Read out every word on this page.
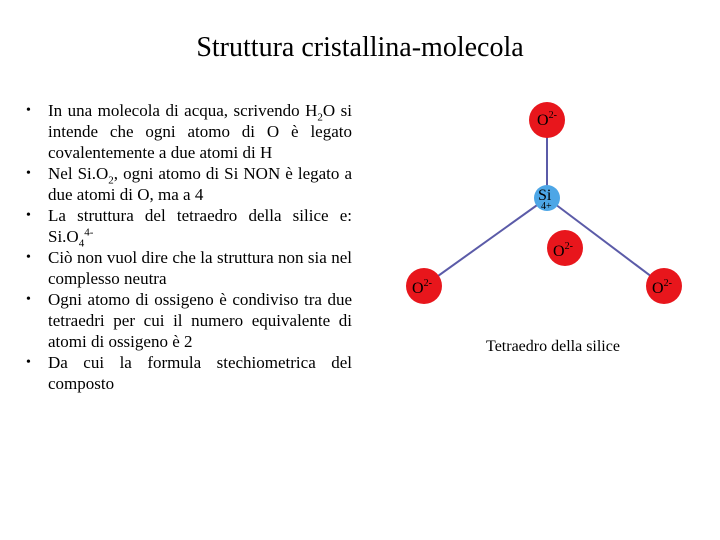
Struttura cristallina-molecola
• In una molecola di acqua, scrivendo $H_2O$ si intende che ogni atomo di O è legato covalentemente a due atomi di H
• Nel $Si.O_2$, ogni atomo di Si NON è legato a due atomi di O, ma a 4
• La struttura del tetraedro della silice e: $Si.O_4^{4-}$
• Ciò non vuol dire che la struttura non sia nel complesso neutra
• Ogni atomo di ossigeno è condiviso tra due tetraedri per cui il numero equivalente di atomi di ossigeno è 2
• Da cui la formula stechiometrica del composto
$O^{2-}$
Si
4+
$O^{2-}$
$O^{2-}$	$O^{2-}$
Tetraedro della silice
